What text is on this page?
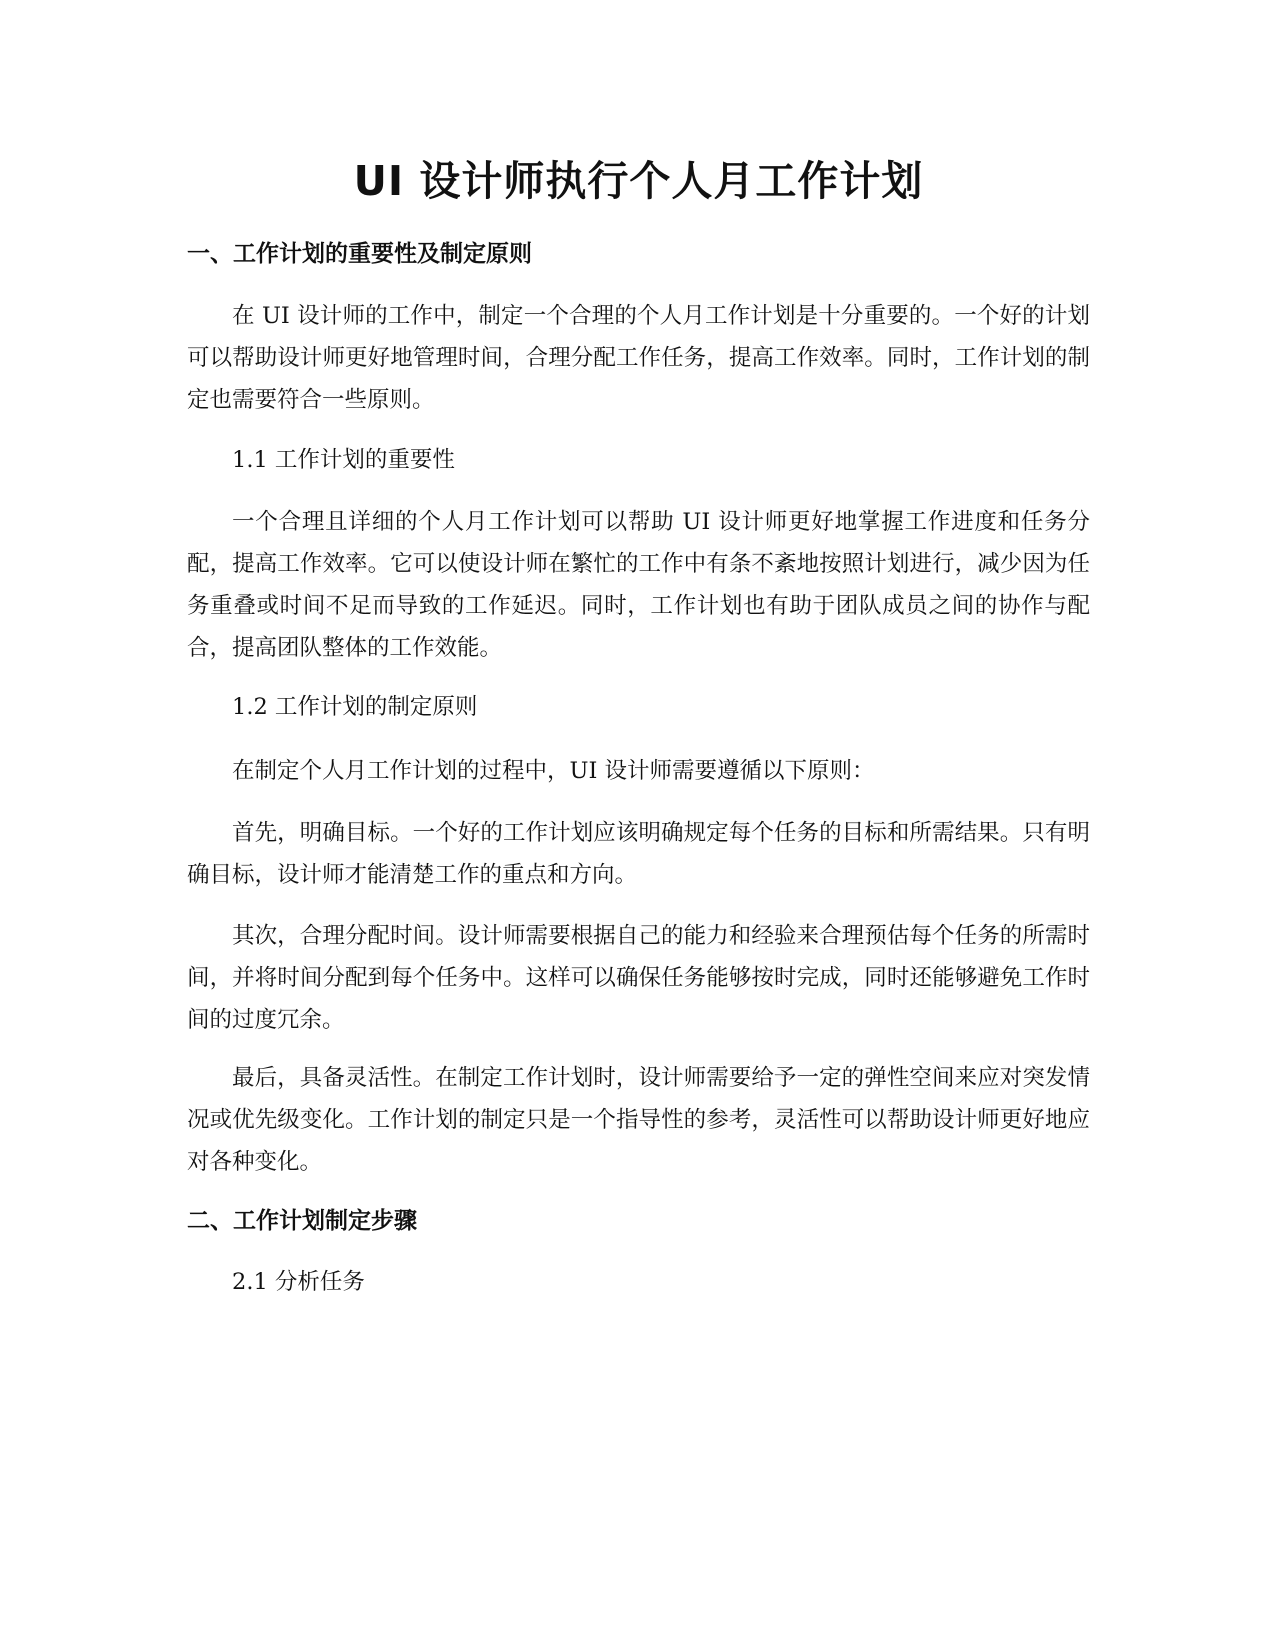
UI 设计师执行个人月工作计划
一、工作计划的重要性及制定原则

在 UI 设计师的工作中，制定一个合理的个人月工作计划是十分重要的。一个好的计划可以帮助设计师更好地管理时间，合理分配工作任务，提高工作效率。同时，工作计划的制定也需要符合一些原则。

1.1 工作计划的重要性

一个合理且详细的个人月工作计划可以帮助 UI 设计师更好地掌握工作进度和任务分配，提高工作效率。它可以使设计师在繁忙的工作中有条不紊地按照计划进行，减少因为任务重叠或时间不足而导致的工作延迟。同时，工作计划也有助于团队成员之间的协作与配合，提高团队整体的工作效能。

1.2 工作计划的制定原则

在制定个人月工作计划的过程中，UI 设计师需要遵循以下原则：

首先，明确目标。一个好的工作计划应该明确规定每个任务的目标和所需结果。只有明确目标，设计师才能清楚工作的重点和方向。

其次，合理分配时间。设计师需要根据自己的能力和经验来合理预估每个任务的所需时间，并将时间分配到每个任务中。这样可以确保任务能够按时完成，同时还能够避免工作时间的过度冗余。

最后，具备灵活性。在制定工作计划时，设计师需要给予一定的弹性空间来应对突发情况或优先级变化。工作计划的制定只是一个指导性的参考，灵活性可以帮助设计师更好地应对各种变化。

二、工作计划制定步骤

2.1 分析任务
